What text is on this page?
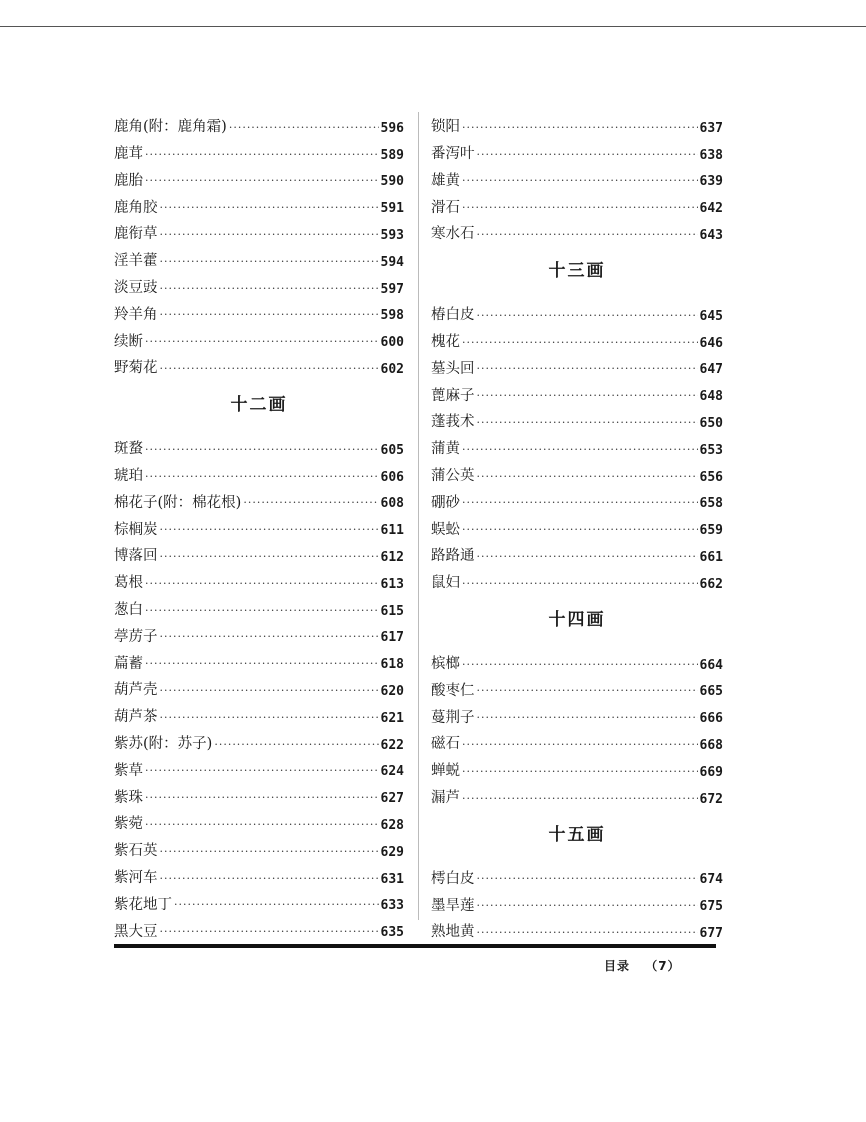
鹿角(附：鹿角霜) ·····	596
鹿茸 ·····	589
鹿胎 ·····	590
鹿角胶 ·····	591
鹿衔草 ·····	593
淫羊藿 ·····	594
淡豆豉 ·····	597
羚羊角 ·····	598
续断 ·····	600
野菊花 ·····	602
十二画
斑蝥 ·····	605
琥珀 ·····	606
棉花子(附：棉花根) ·····	608
棕榈炭 ·····	611
博落回 ·····	612
葛根 ·····	613
葱白 ·····	615
葶苈子 ·····	617
萹蓄 ·····	618
葫芦壳 ·····	620
葫芦茶 ·····	621
紫苏(附：苏子) ·····	622
紫草 ·····	624
紫珠 ·····	627
紫菀 ·····	628
紫石英 ·····	629
紫河车 ·····	631
紫花地丁 ·····	633
黑大豆 ·····	635
锁阳 ·····	637
番泻叶 ·····	638
雄黄 ·····	639
滑石 ·····	642
寒水石 ·····	643
十三画
椿白皮 ·····	645
槐花 ·····	646
墓头回 ·····	647
蓖麻子 ·····	648
蓬莪术 ·····	650
蒲黄 ·····	653
蒲公英 ·····	656
硼砂 ·····	658
蜈蚣 ·····	659
路路通 ·····	661
鼠妇 ·····	662
十四画
槟榔 ·····	664
酸枣仁 ·····	665
蔓荆子 ·····	666
磁石 ·····	668
蝉蜕 ·····	669
漏芦 ·····	672
十五画
樗白皮 ·····	674
墨旱莲 ·····	675
熟地黄 ·····	677
目录 （7）
